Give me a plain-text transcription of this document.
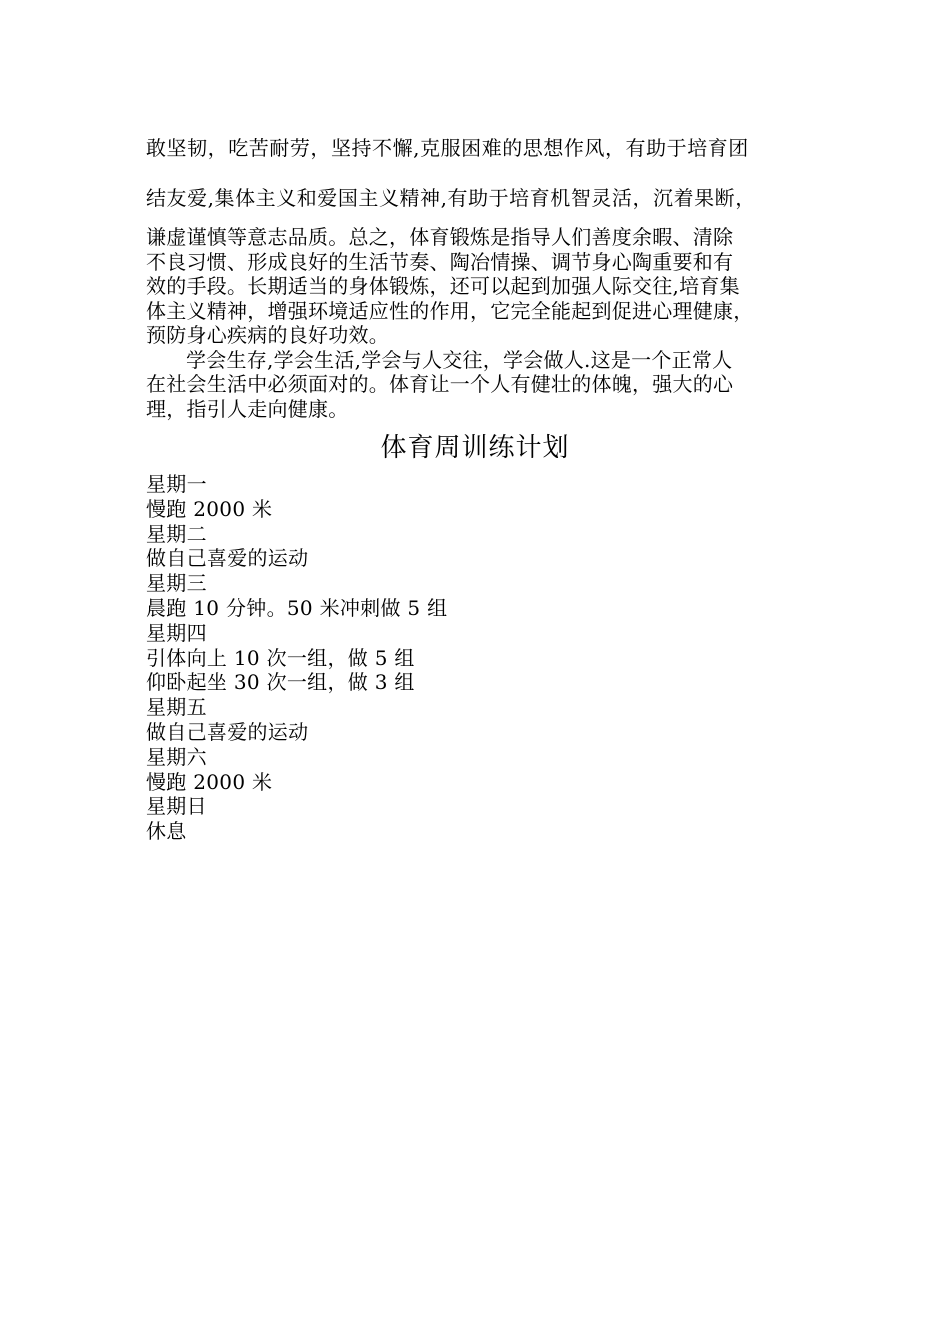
敢坚韧，吃苦耐劳，坚持不懈,克服困难的思想作风，有助于培育团
结友爱,集体主义和爱国主义精神,有助于培育机智灵活，沉着果断，
谦虚谨慎等意志品质。总之，体育锻炼是指导人们善度余暇、清除
不良习惯、形成良好的生活节奏、陶冶情操、调节身心陶重要和有
效的手段。长期适当的身体锻炼，还可以起到加强人际交往,培育集
体主义精神，增强环境适应性的作用，它完全能起到促进心理健康，
预防身心疾病的良好功效。
学会生存,学会生活,学会与人交往，学会做人.这是一个正常人
在社会生活中必须面对的。体育让一个人有健壮的体魄，强大的心
理，指引人走向健康。
体育周训练计划
星期一
慢跑 2000 米
星期二
做自己喜爱的运动
星期三
晨跑 10 分钟。50 米冲刺做 5 组
星期四
引体向上 10 次一组，做 5 组
仰卧起坐 30 次一组，做 3 组
星期五
做自己喜爱的运动
星期六
慢跑 2000 米
星期日
休息
